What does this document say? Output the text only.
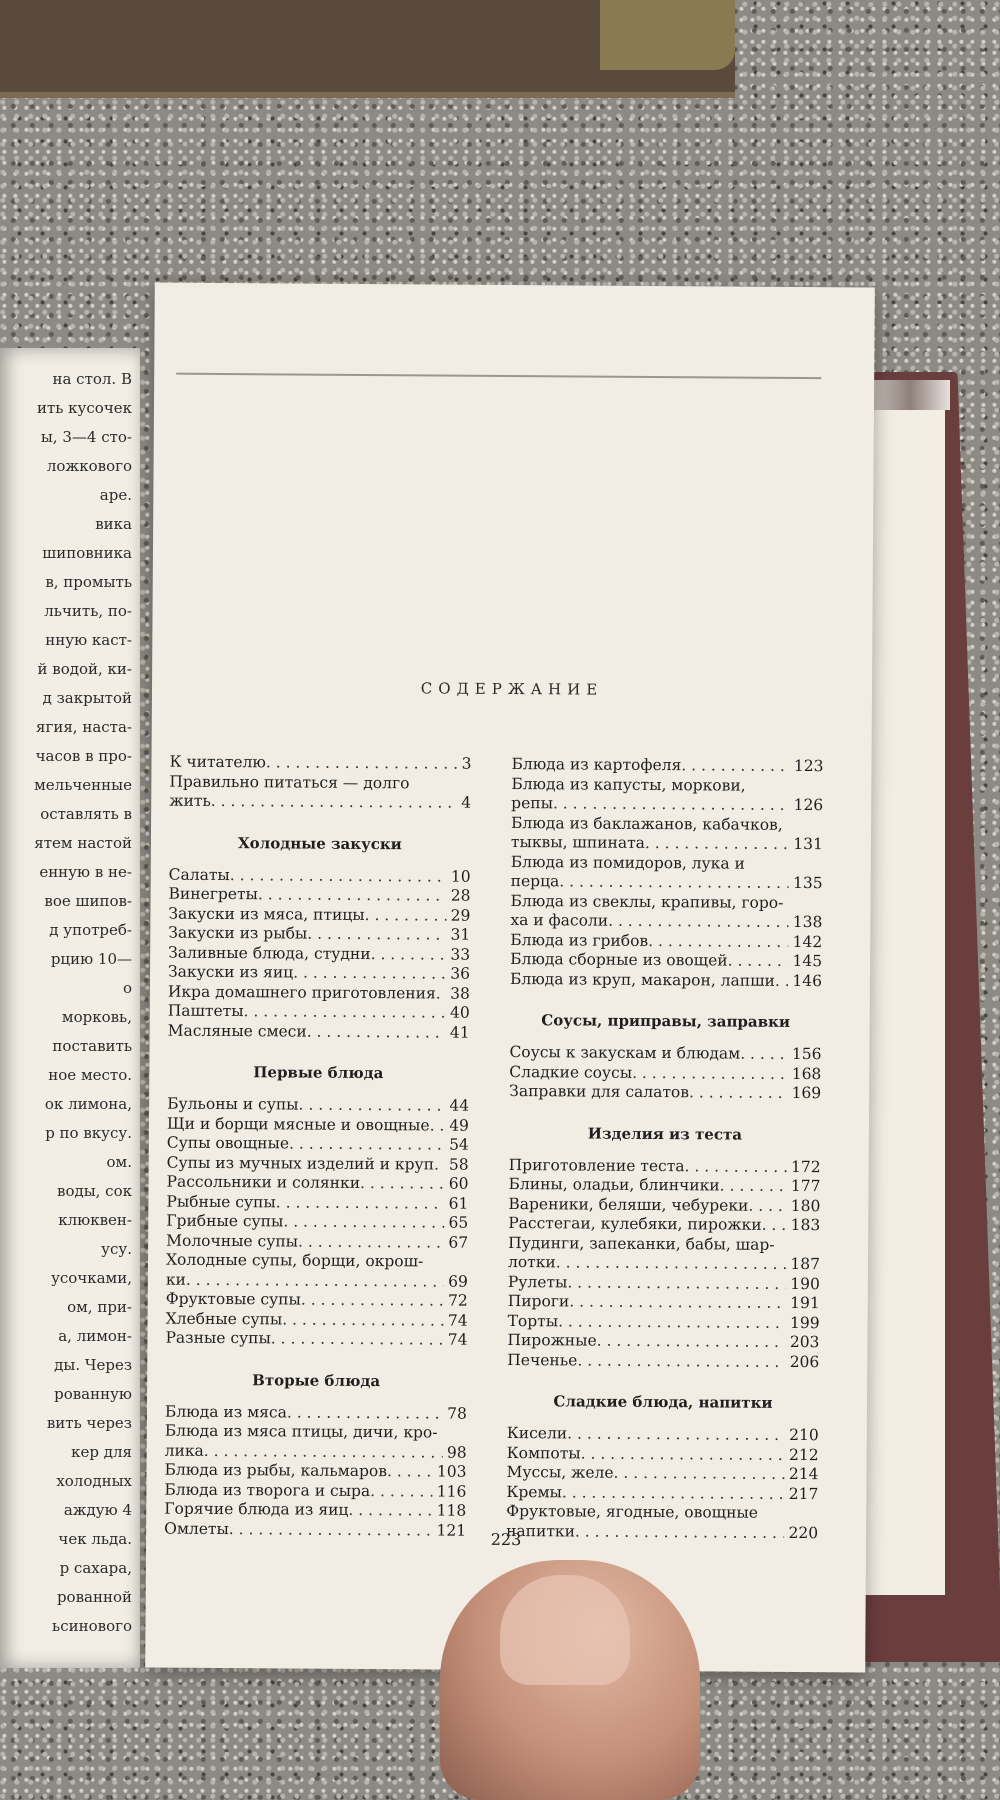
на стол. В
ить кусочек
ы, 3—4 сто-
ложкового
аре.
вика
шиповника
в, промыть
льчить, по-
нную каст-
й водой, ки-
д закрытой
ягия, наста-
часов в про-
мельченные
оставлять в
ятем настой
енную в не-
вое шипов-
д употреб-
рцию 10—
о
морковь,
поставить
ное место.
ок лимона,
р по вкусу.
ом.
воды, сок
клюквен-
усу.
усочками,
ом, при-
а, лимон-
ды. Через
рованную
вить через
кер для
холодных
аждую 4
чек льда.
р сахара,
рованной
ьсинового
СОДЕРЖАНИЕ
К читателю . . .	3
Правильно питаться — долго
жить . . .	4
Холодные закуски
Салаты . . .	10
Винегреты . . .	28
Закуски из мяса, птицы . . .	29
Закуски из рыбы . . .	31
Заливные блюда, студни . . .	33
Закуски из яиц . . .	36
Икра домашнего приготовления . . . 38
Паштеты . . .	40
Масляные смеси . . .	41
Первые блюда
Бульоны и супы . . .	44
Щи и борщи мясные и овощные . . . 49
Супы овощные . . .	54
Супы из мучных изделий и круп . . . 58
Рассольники и солянки . . .	60
Рыбные супы . . .	61
Грибные супы . . .	65
Молочные супы . . .	67
Холодные супы, борщи, окрош-
ки . . .	69
Фруктовые супы . . .	72
Хлебные супы . . .	74
Разные супы . . .	74
Вторые блюда
Блюда из мяса . . .	78
Блюда из мяса птицы, дичи, кро-
лика . . .	98
Блюда из рыбы, кальмаров . . .	103
Блюда из творога и сыра . . .	116
Горячие блюда из яиц . . .	118
Омлеты . . .	121
Блюда из картофеля . . .	123
Блюда из капусты, моркови,
репы . . .	126
Блюда из баклажанов, кабачков,
тыквы, шпината . . .	131
Блюда из помидоров, лука и
перца . . .	135
Блюда из свеклы, крапивы, горо-
ха и фасоли . . .	138
Блюда из грибов . . .	142
Блюда сборные из овощей . . .	145
Блюда из круп, макарон, лапши . . . 146
Соусы, приправы, заправки
Соусы к закускам и блюдам . . .	156
Сладкие соусы . . .	168
Заправки для салатов . . .	169
Изделия из теста
Приготовление теста . . .	172
Блины, оладьи, блинчики . . .	177
Вареники, беляши, чебуреки . . .	180
Расстегаи, кулебяки, пирожки . . . 183
Пудинги, запеканки, бабы, шар-
лотки . . .	187
Рулеты . . .	190
Пироги . . .	191
Торты . . .	199
Пирожные . . .	203
Печенье . . .	206
Сладкие блюда, напитки
Кисели . . .	210
Компоты . . .	212
Муссы, желе . . .	214
Кремы . . .	217
Фруктовые, ягодные, овощные
напитки . . .	220
223
